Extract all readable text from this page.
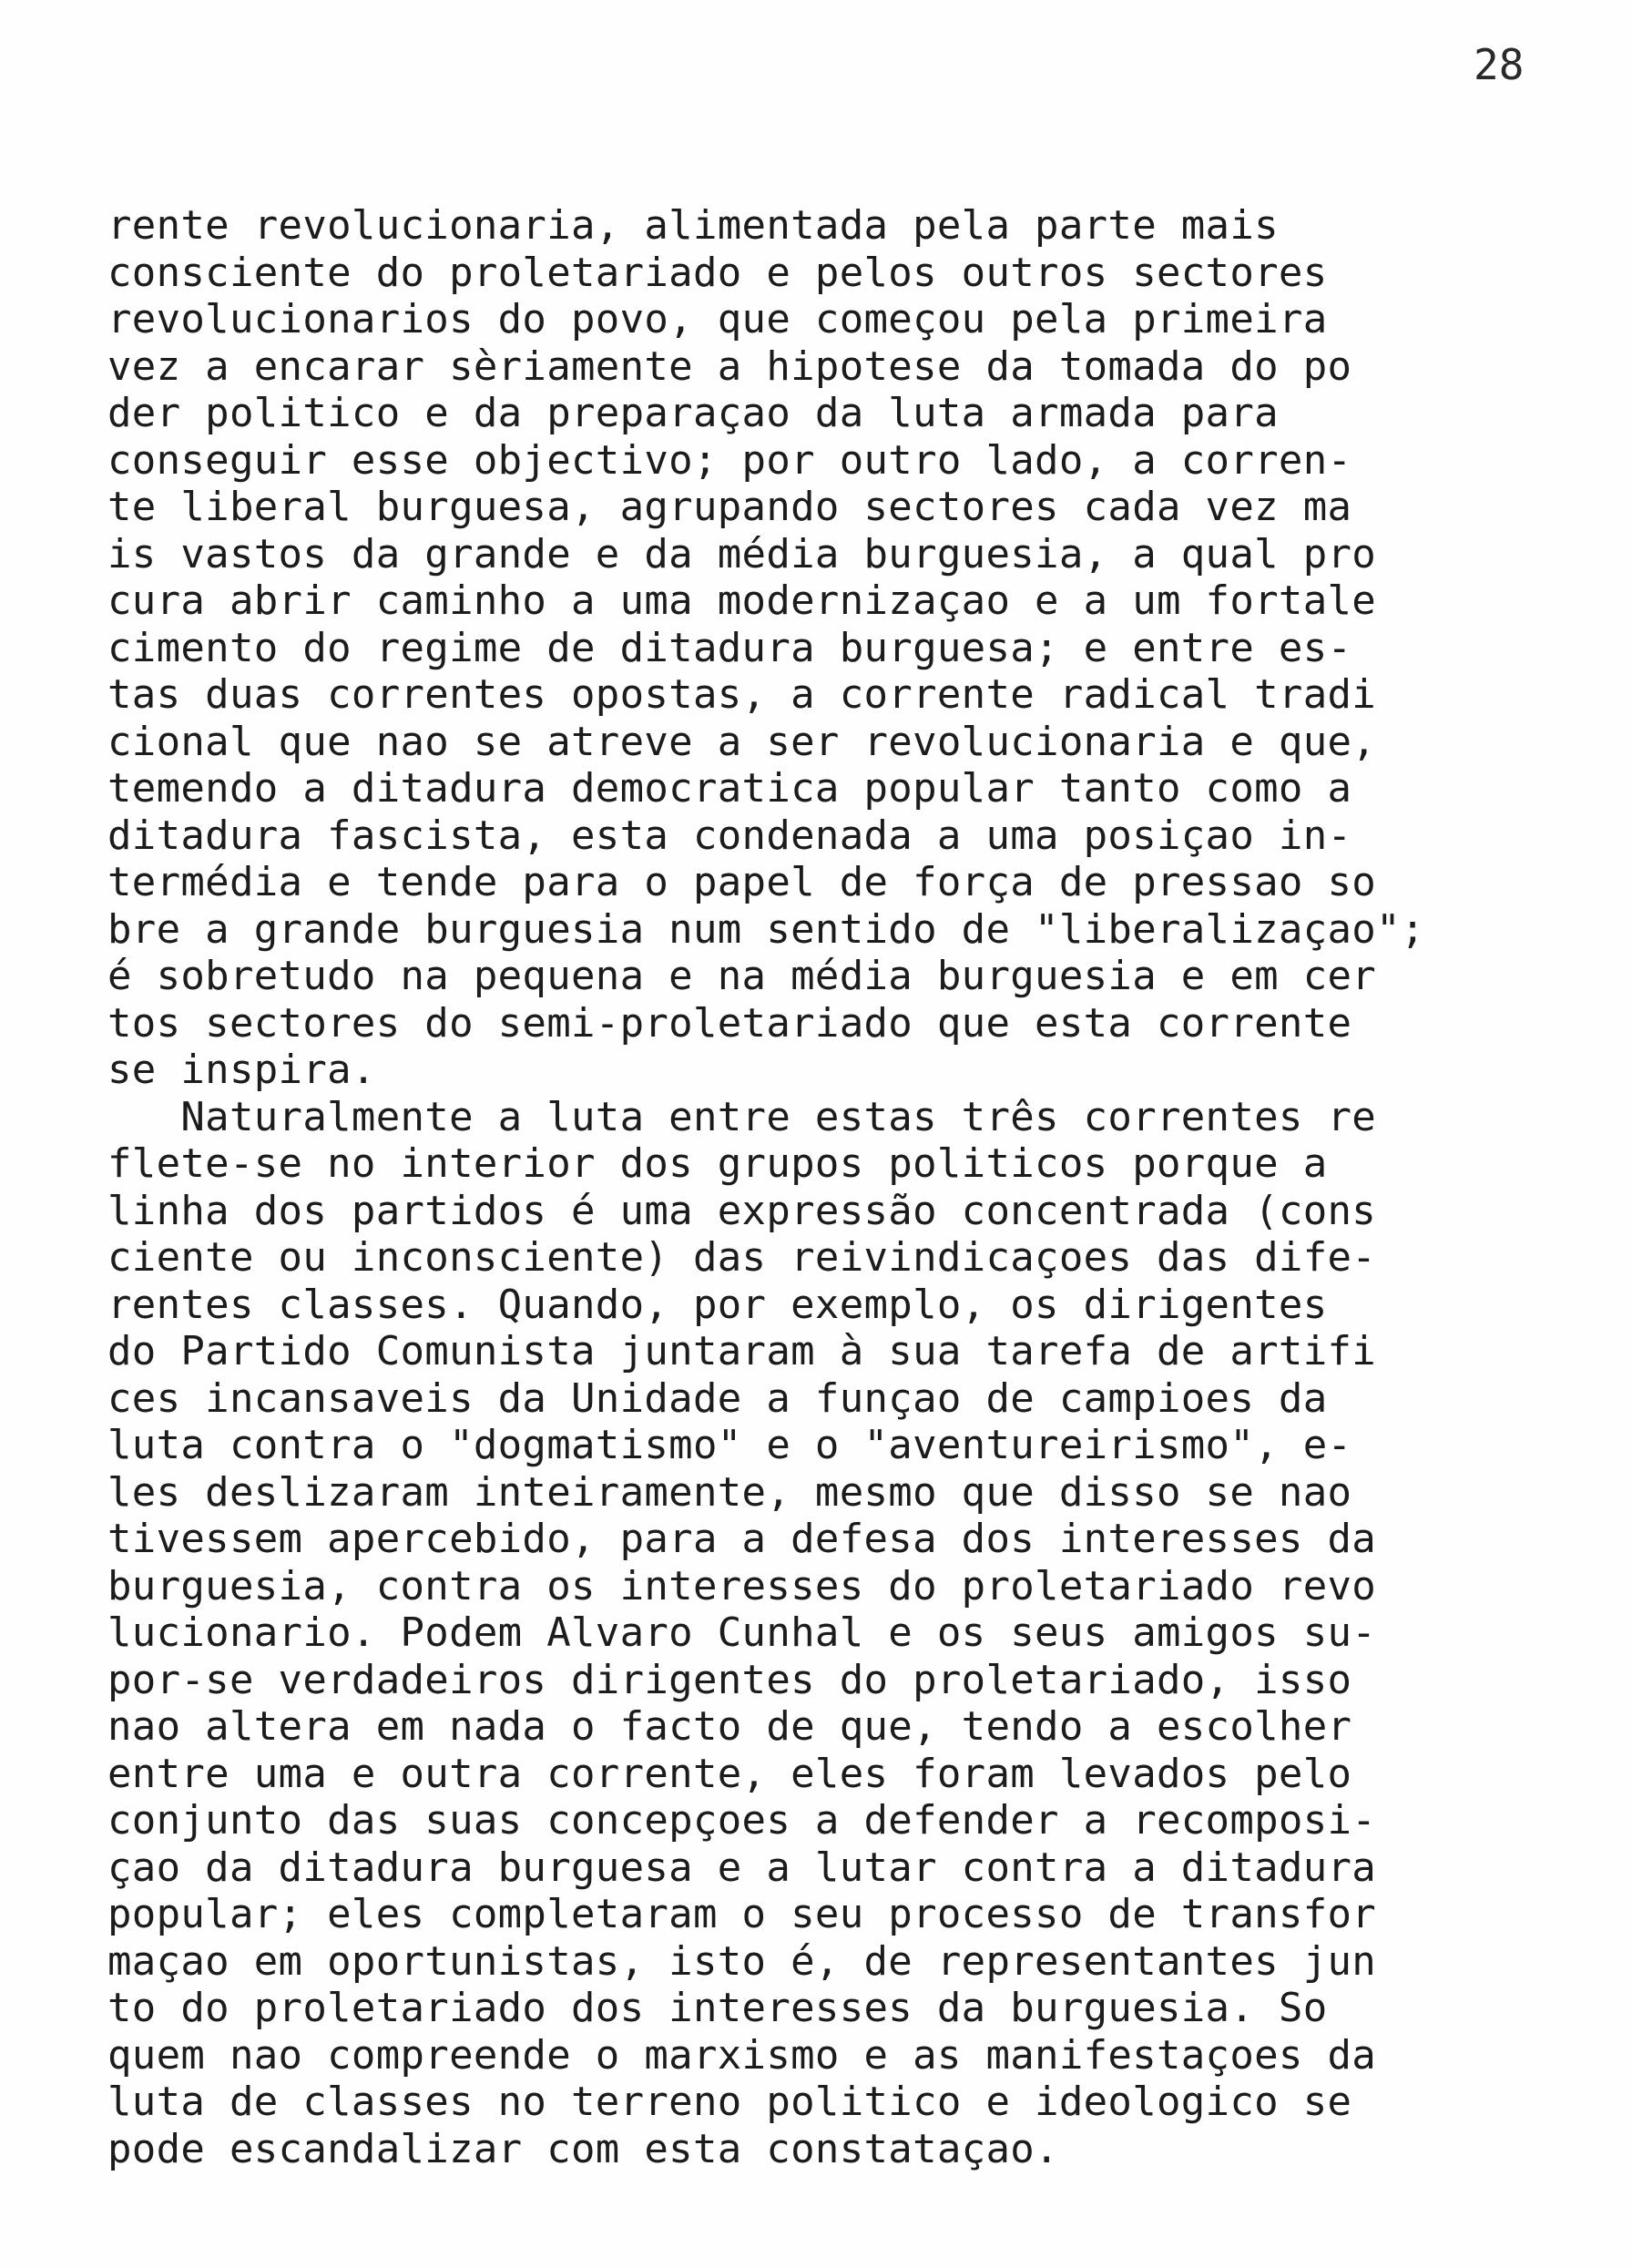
28
rente revolucionaria, alimentada pela parte mais
consciente do proletariado e pelos outros sectores
revolucionarios do povo, que começou pela primeira
vez a encarar sèriamente a hipotese da tomada do po
der politico e da preparaçao da luta armada para
conseguir esse objectivo; por outro lado, a corren-
te liberal burguesa, agrupando sectores cada vez ma
is vastos da grande e da média burguesia, a qual pro
cura abrir caminho a uma modernizaçao e a um fortale
cimento do regime de ditadura burguesa; e entre es-
tas duas correntes opostas, a corrente radical tradi
cional que nao se atreve a ser revolucionaria e que,
temendo a ditadura democratica popular tanto como a
ditadura fascista, esta condenada a uma posiçao in-
termédia e tende para o papel de força de pressao so
bre a grande burguesia num sentido de "liberalizaçao";
é sobretudo na pequena e na média burguesia e em cer
tos sectores do semi-proletariado que esta corrente
se inspira.
Naturalmente a luta entre estas três correntes re
flete-se no interior dos grupos politicos porque a
linha dos partidos é uma expressão concentrada (cons
ciente ou inconsciente) das reivindicaçoes das dife-
rentes classes. Quando, por exemplo, os dirigentes
do Partido Comunista juntaram à sua tarefa de artifi
ces incansaveis da Unidade a funçao de campioes da
luta contra o "dogmatismo" e o "aventureirismo", e-
les deslizaram inteiramente, mesmo que disso se nao
tivessem apercebido, para a defesa dos interesses da
burguesia, contra os interesses do proletariado revo
lucionario. Podem Alvaro Cunhal e os seus amigos su-
por-se verdadeiros dirigentes do proletariado, isso
nao altera em nada o facto de que, tendo a escolher
entre uma e outra corrente, eles foram levados pelo
conjunto das suas concepçoes a defender a recomposi-
çao da ditadura burguesa e a lutar contra a ditadura
popular; eles completaram o seu processo de transfor
maçao em oportunistas, isto é, de representantes jun
to do proletariado dos interesses da burguesia. So
quem nao compreende o marxismo e as manifestaçoes da
luta de classes no terreno politico e ideologico se
pode escandalizar com esta constataçao.
